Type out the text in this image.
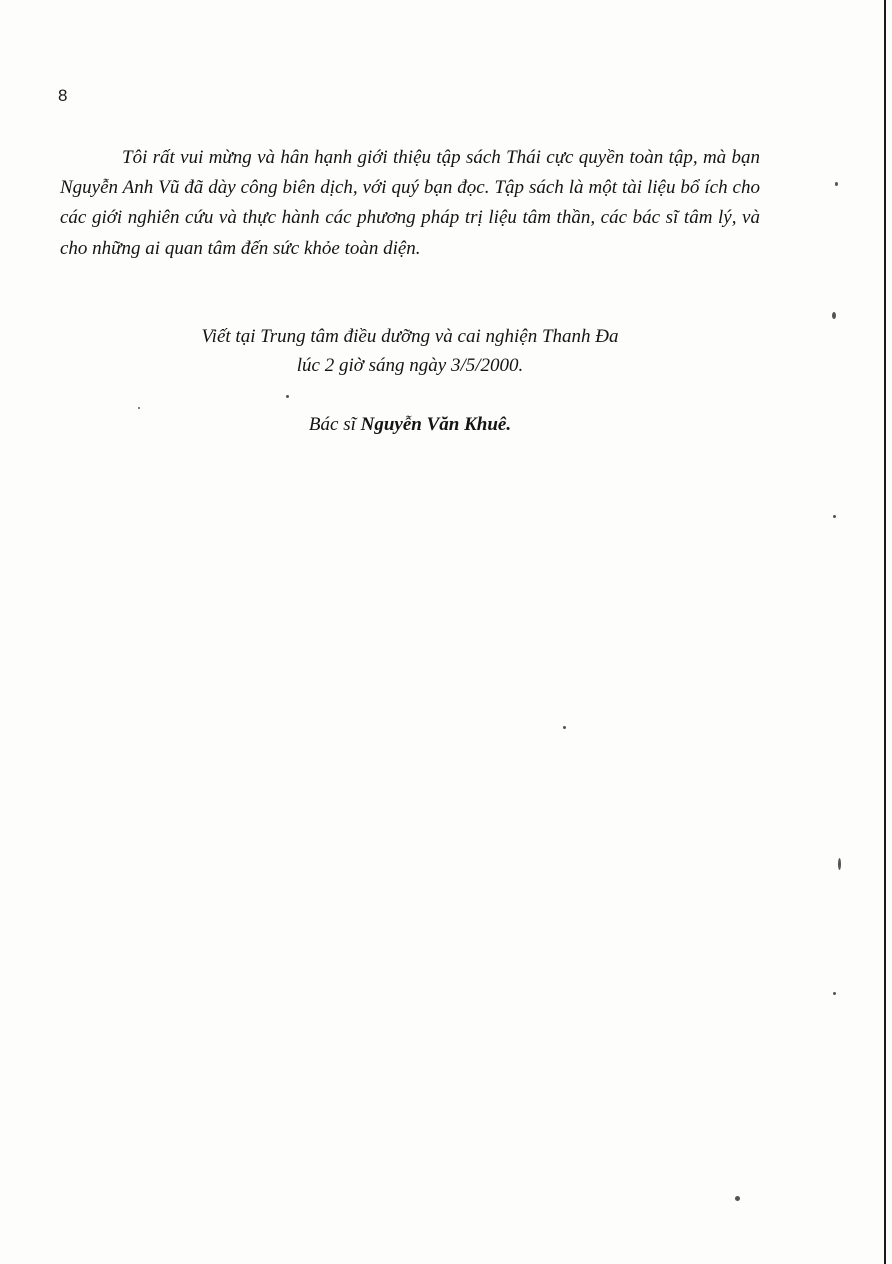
8

Tôi rất vui mừng và hân hạnh giới thiệu tập sách Thái cực quyền toàn tập, mà bạn Nguyễn Anh Vũ đã dày công biên dịch, với quý bạn đọc. Tập sách là một tài liệu bổ ích cho các giới nghiên cứu và thực hành các phương pháp trị liệu tâm thần, các bác sĩ tâm lý, và cho những ai quan tâm đến sức khỏe toàn diện.

Viết tại Trung tâm điều dưỡng và cai nghiện Thanh Đa
lúc 2 giờ sáng ngày 3/5/2000.
Bác sĩ Nguyễn Văn Khuê.
